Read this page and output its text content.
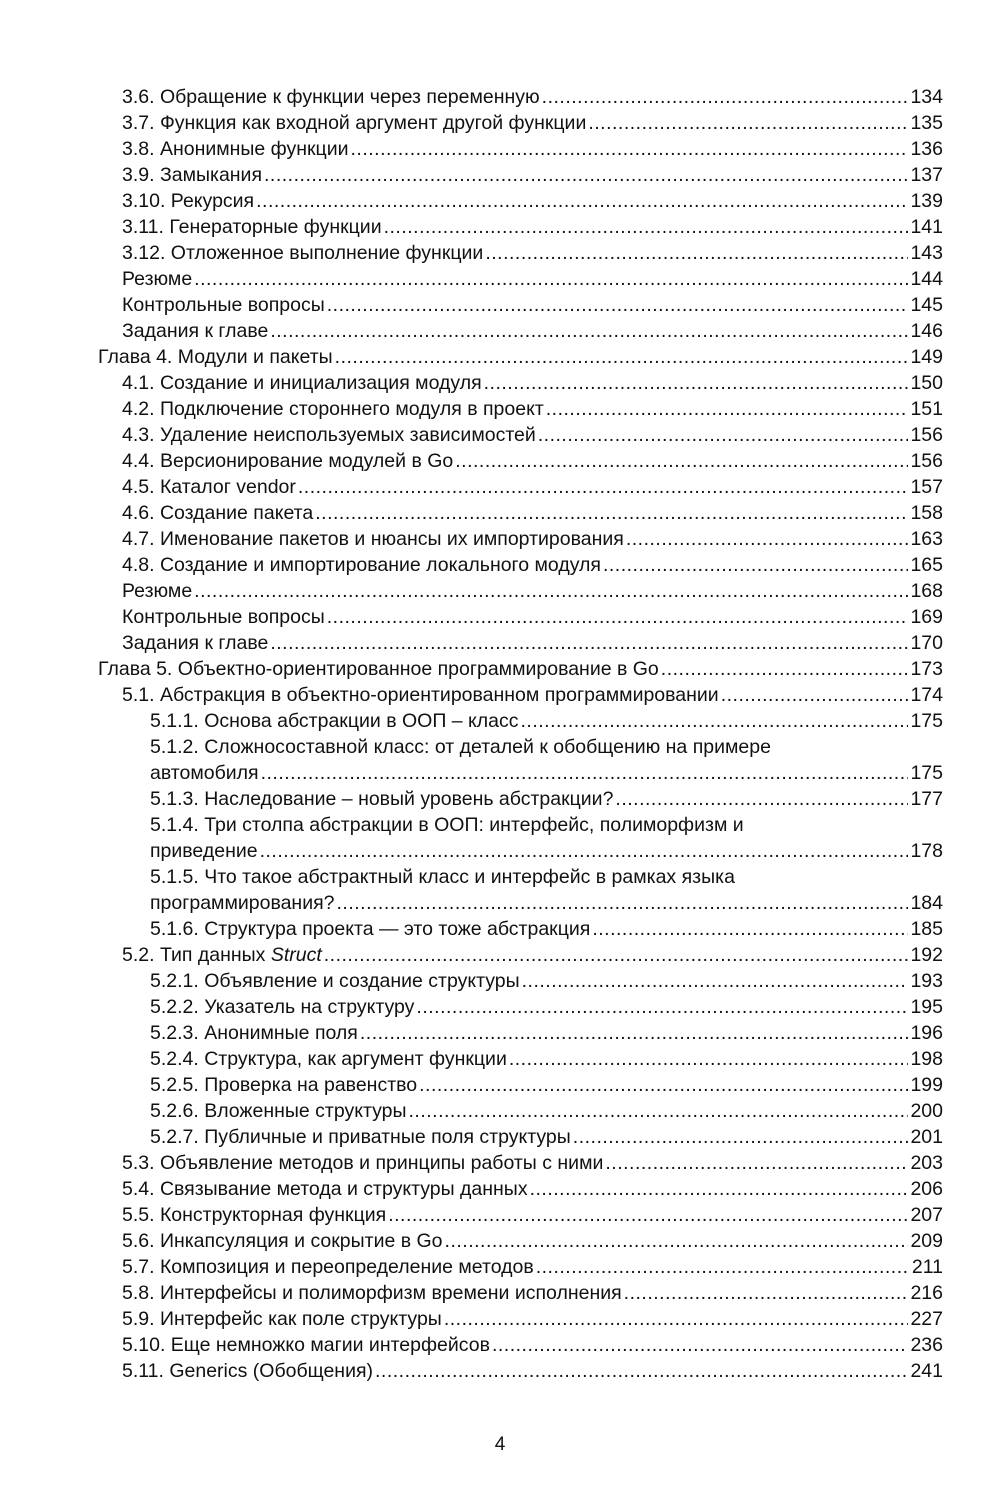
3.6. Обращение к функции через переменную .....	134
3.7. Функция как входной аргумент другой функции .....	135
3.8. Анонимные функции .....	136
3.9. Замыкания .....	137
3.10. Рекурсия .....	139
3.11. Генераторные функции .....	141
3.12. Отложенное выполнение функции .....	143
Резюме .....	144
Контрольные вопросы .....	145
Задания к главе .....	146
Глава 4. Модули и пакеты .....	149
4.1. Создание и инициализация модуля .....	150
4.2. Подключение стороннего модуля в проект .....	151
4.3. Удаление неиспользуемых зависимостей .....	156
4.4. Версионирование модулей в Go .....	156
4.5. Каталог vendor .....	157
4.6. Создание пакета .....	158
4.7. Именование пакетов и нюансы их импортирования .....	163
4.8. Создание и импортирование локального модуля .....	165
Резюме .....	168
Контрольные вопросы .....	169
Задания к главе .....	170
Глава 5. Объектно-ориентированное программирование в Go .....	173
5.1. Абстракция в объектно-ориентированном программировании .....	174
5.1.1. Основа абстракции в ООП – класс .....	175
5.1.2. Сложносоставной класс: от деталей к обобщению на примере
автомобиля .....	175
5.1.3. Наследование – новый уровень абстракции? .....	177
5.1.4. Три столпа абстракции в ООП: интерфейс, полиморфизм и
приведение .....	178
5.1.5. Что такое абстрактный класс и интерфейс в рамках языка
программирования? .....	184
5.1.6. Структура проекта — это тоже абстракция .....	185
5.2. Тип данных Struct .....	192
5.2.1. Объявление и создание структуры .....	193
5.2.2. Указатель на структуру .....	195
5.2.3. Анонимные поля .....	196
5.2.4. Структура, как аргумент функции .....	198
5.2.5. Проверка на равенство .....	199
5.2.6. Вложенные структуры .....	200
5.2.7. Публичные и приватные поля структуры .....	201
5.3. Объявление методов и принципы работы с ними .....	203
5.4. Связывание метода и структуры данных .....	206
5.5. Конструкторная функция .....	207
5.6. Инкапсуляция и сокрытие в Go .....	209
5.7. Композиция и переопределение методов .....	211
5.8. Интерфейсы и полиморфизм времени исполнения .....	216
5.9. Интерфейс как поле структуры .....	227
5.10. Еще немножко магии интерфейсов .....	236
5.11. Generics (Обобщения) .....	241
4
